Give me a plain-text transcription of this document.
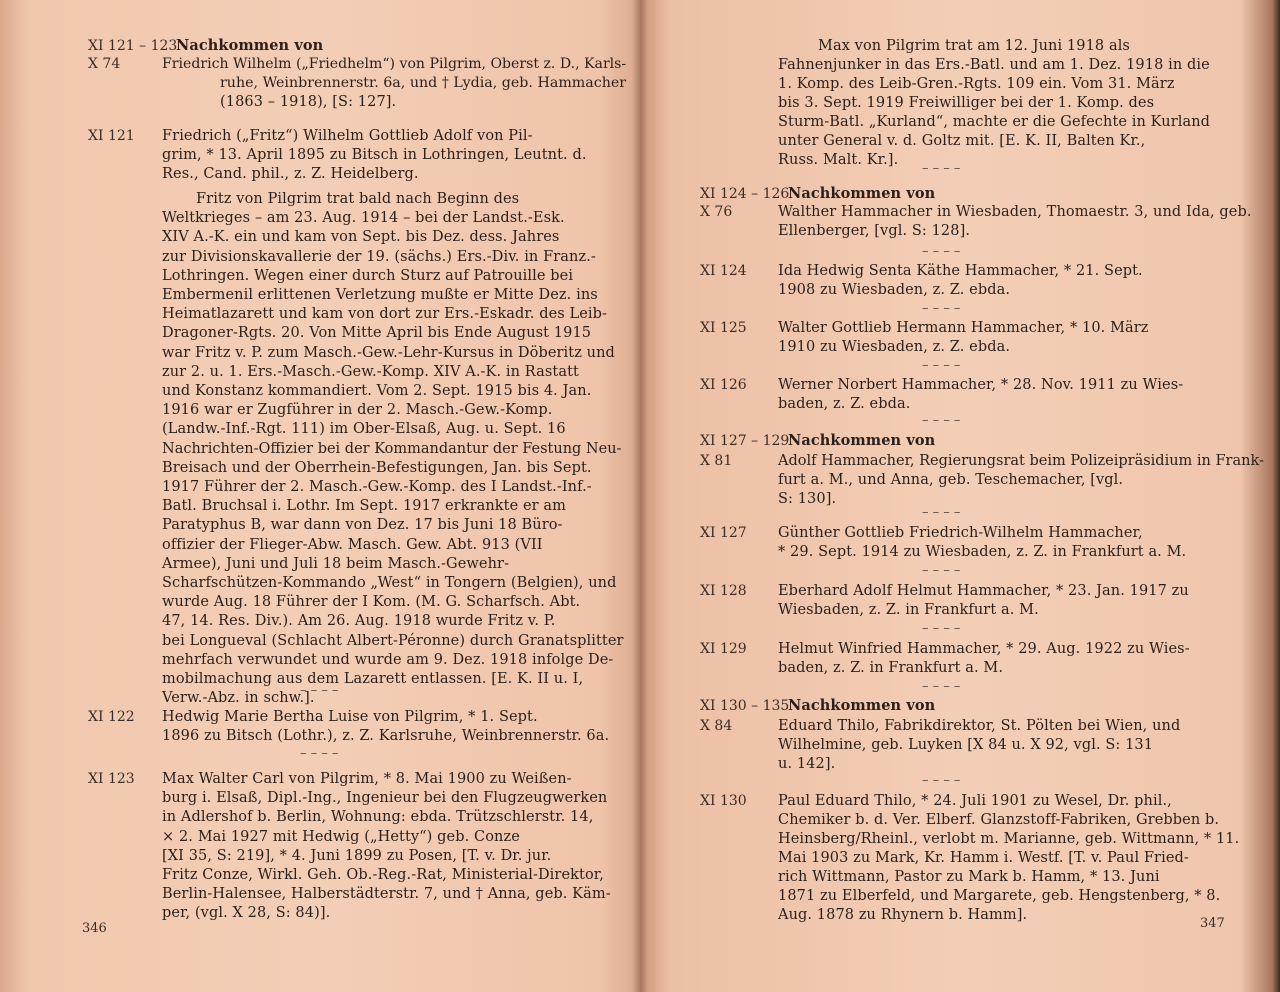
XI 121 – 123
Nachkommen von
X 74	Friedrich Wilhelm („Friedhelm“) von Pilgrim, Oberst z. D., Karls-
ruhe, Weinbrennerstr. 6a, und † Lydia, geb. Hammacher
(1863 – 1918), [S: 127].
XI 121 Friedrich („Fritz“) Wilhelm Gottlieb Adolf von Pil-
grim, * 13. April 1895 zu Bitsch in Lothringen, Leutnt. d.
Res., Cand. phil., z. Z. Heidelberg.
Fritz von Pilgrim trat bald nach Beginn des
Weltkrieges – am 23. Aug. 1914 – bei der Landst.-Esk.
XIV A.-K. ein und kam von Sept. bis Dez. dess. Jahres
zur Divisionskavallerie der 19. (sächs.) Ers.-Div. in Franz.-
Lothringen. Wegen einer durch Sturz auf Patrouille bei
Embermenil erlittenen Verletzung mußte er Mitte Dez. ins
Heimatlazarett und kam von dort zur Ers.-Eskadr. des Leib-
Dragoner-Rgts. 20. Von Mitte April bis Ende August 1915
war Fritz v. P. zum Masch.-Gew.-Lehr-Kursus in Döberitz und
zur 2. u. 1. Ers.-Masch.-Gew.-Komp. XIV A.-K. in Rastatt
und Konstanz kommandiert. Vom 2. Sept. 1915 bis 4. Jan.
1916 war er Zugführer in der 2. Masch.-Gew.-Komp.
(Landw.-Inf.-Rgt. 111) im Ober-Elsaß, Aug. u. Sept. 16
Nachrichten-Offizier bei der Kommandantur der Festung Neu-
Breisach und der Oberrhein-Befestigungen, Jan. bis Sept.
1917 Führer der 2. Masch.-Gew.-Komp. des I Landst.-Inf.-
Batl. Bruchsal i. Lothr. Im Sept. 1917 erkrankte er am
Paratyphus B, war dann von Dez. 17 bis Juni 18 Büro-
offizier der Flieger-Abw. Masch. Gew. Abt. 913 (VII
Armee), Juni und Juli 18 beim Masch.-Gewehr-
Scharfschützen-Kommando „West“ in Tongern (Belgien), und
wurde Aug. 18 Führer der I Kom. (M. G. Scharfsch. Abt.
47, 14. Res. Div.). Am 26. Aug. 1918 wurde Fritz v. P.
bei Longueval (Schlacht Albert-Péronne) durch Granatsplitter
mehrfach verwundet und wurde am 9. Dez. 1918 infolge De-
mobilmachung aus dem Lazarett entlassen. [E. K. II u. I,
Verw.-Abz. in schw.].
XI 122 Hedwig Marie Bertha Luise von Pilgrim, * 1. Sept.
1896 zu Bitsch (Lothr.), z. Z. Karlsruhe, Weinbrennerstr. 6a.
XI 123 Max Walter Carl von Pilgrim, * 8. Mai 1900 zu Weißen-
burg i. Elsaß, Dipl.-Ing., Ingenieur bei den Flugzeugwerken
in Adlershof b. Berlin, Wohnung: ebda. Trützschlerstr. 14,
× 2. Mai 1927 mit Hedwig („Hetty“) geb. Conze
[XI 35, S: 219], * 4. Juni 1899 zu Posen, [T. v. Dr. jur.
Fritz Conze, Wirkl. Geh. Ob.-Reg.-Rat, Ministerial-Direktor,
Berlin-Halensee, Halberstädterstr. 7, und † Anna, geb. Käm-
per, (vgl. X 28, S: 84)].
– – – –
– – – –
346
Max von Pilgrim trat am 12. Juni 1918 als
Fahnenjunker in das Ers.-Batl. und am 1. Dez. 1918 in die
1. Komp. des Leib-Gren.-Rgts. 109 ein. Vom 31. März
bis 3. Sept. 1919 Freiwilliger bei der 1. Komp. des
Sturm-Batl. „Kurland“, machte er die Gefechte in Kurland
unter General v. d. Goltz mit. [E. K. II, Balten Kr.,
Russ. Malt. Kr.].
XI 124 – 126
Nachkommen von
X 76	Walther Hammacher in Wiesbaden, Thomaestr. 3, und Ida, geb.
Ellenberger, [vgl. S: 128].
XI 124 Ida Hedwig Senta Käthe Hammacher, * 21. Sept.
1908 zu Wiesbaden, z. Z. ebda.
XI 125 Walter Gottlieb Hermann Hammacher, * 10. März
1910 zu Wiesbaden, z. Z. ebda.
XI 126 Werner Norbert Hammacher, * 28. Nov. 1911 zu Wies-
baden, z. Z. ebda.
XI 127 – 129
Nachkommen von
X 81	Adolf Hammacher, Regierungsrat beim Polizeipräsidium in Frank-
furt a. M., und Anna, geb. Teschemacher, [vgl.
S: 130].
XI 127 Günther Gottlieb Friedrich-Wilhelm Hammacher,
* 29. Sept. 1914 zu Wiesbaden, z. Z. in Frankfurt a. M.
XI 128 Eberhard Adolf Helmut Hammacher, * 23. Jan. 1917 zu
Wiesbaden, z. Z. in Frankfurt a. M.
XI 129 Helmut Winfried Hammacher, * 29. Aug. 1922 zu Wies-
baden, z. Z. in Frankfurt a. M.
XI 130 – 135
Nachkommen von
X 84	Eduard Thilo, Fabrikdirektor, St. Pölten bei Wien, und
Wilhelmine, geb. Luyken [X 84 u. X 92, vgl. S: 131
u. 142].
XI 130 Paul Eduard Thilo, * 24. Juli 1901 zu Wesel, Dr. phil.,
Chemiker b. d. Ver. Elberf. Glanzstoff-Fabriken, Grebben b.
Heinsberg/Rheinl., verlobt m. Marianne, geb. Wittmann, * 11.
Mai 1903 zu Mark, Kr. Hamm i. Westf. [T. v. Paul Fried-
rich Wittmann, Pastor zu Mark b. Hamm, * 13. Juni
1871 zu Elberfeld, und Margarete, geb. Hengstenberg, * 8.
Aug. 1878 zu Rhynern b. Hamm].
– – – –
– – – –
– – – –
– – – –
– – – –
– – – –
– – – –
– – – –
– – – –
– – – –
347
